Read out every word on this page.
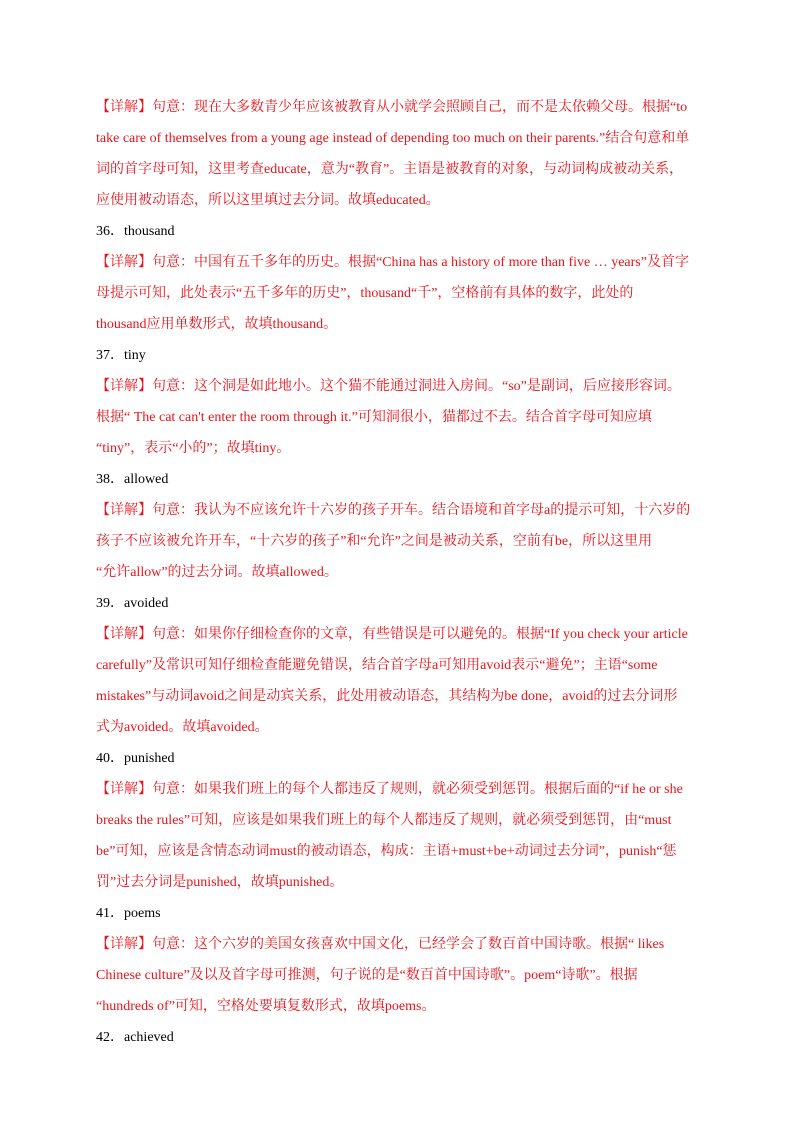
【详解】句意：现在大多数青少年应该被教育从小就学会照顾自己，而不是太依赖父母。根据“to
take care of themselves from a young age instead of depending too much on their parents.”结合句意和单
词的首字母可知，这里考查educate，意为“教育”。主语是被教育的对象，与动词构成被动关系，
应使用被动语态，所以这里填过去分词。故填educated。
36．thousand
【详解】句意：中国有五千多年的历史。根据“China has a history of more than five … years”及首字
母提示可知，此处表示“五千多年的历史”，thousand“千”，空格前有具体的数字，此处的
thousand应用单数形式，故填thousand。
37．tiny
【详解】句意：这个洞是如此地小。这个猫不能通过洞进入房间。“so”是副词，后应接形容词。
根据“ The cat can't enter the room through it.”可知洞很小，猫都过不去。结合首字母可知应填
“tiny”，表示“小的”；故填tiny。
38．allowed
【详解】句意：我认为不应该允许十六岁的孩子开车。结合语境和首字母a的提示可知，十六岁的
孩子不应该被允许开车，“十六岁的孩子”和“允许”之间是被动关系，空前有be，所以这里用
“允许allow”的过去分词。故填allowed。
39．avoided
【详解】句意：如果你仔细检查你的文章，有些错误是可以避免的。根据“If you check your article
carefully”及常识可知仔细检查能避免错误，结合首字母a可知用avoid表示“避免”；主语“some
mistakes”与动词avoid之间是动宾关系，此处用被动语态，其结构为be done，avoid的过去分词形
式为avoided。故填avoided。
40．punished
【详解】句意：如果我们班上的每个人都违反了规则，就必须受到惩罚。根据后面的“if he or she
breaks the rules”可知，应该是如果我们班上的每个人都违反了规则，就必须受到惩罚，由“must
be”可知，应该是含情态动词must的被动语态，构成：主语+must+be+动词过去分词”，punish“惩
罚”过去分词是punished，故填punished。
41．poems
【详解】句意：这个六岁的美国女孩喜欢中国文化，已经学会了数百首中国诗歌。根据“ likes
Chinese culture”及以及首字母可推测，句子说的是“数百首中国诗歌”。poem“诗歌”。根据
“hundreds of”可知，空格处要填复数形式，故填poems。
42．achieved
